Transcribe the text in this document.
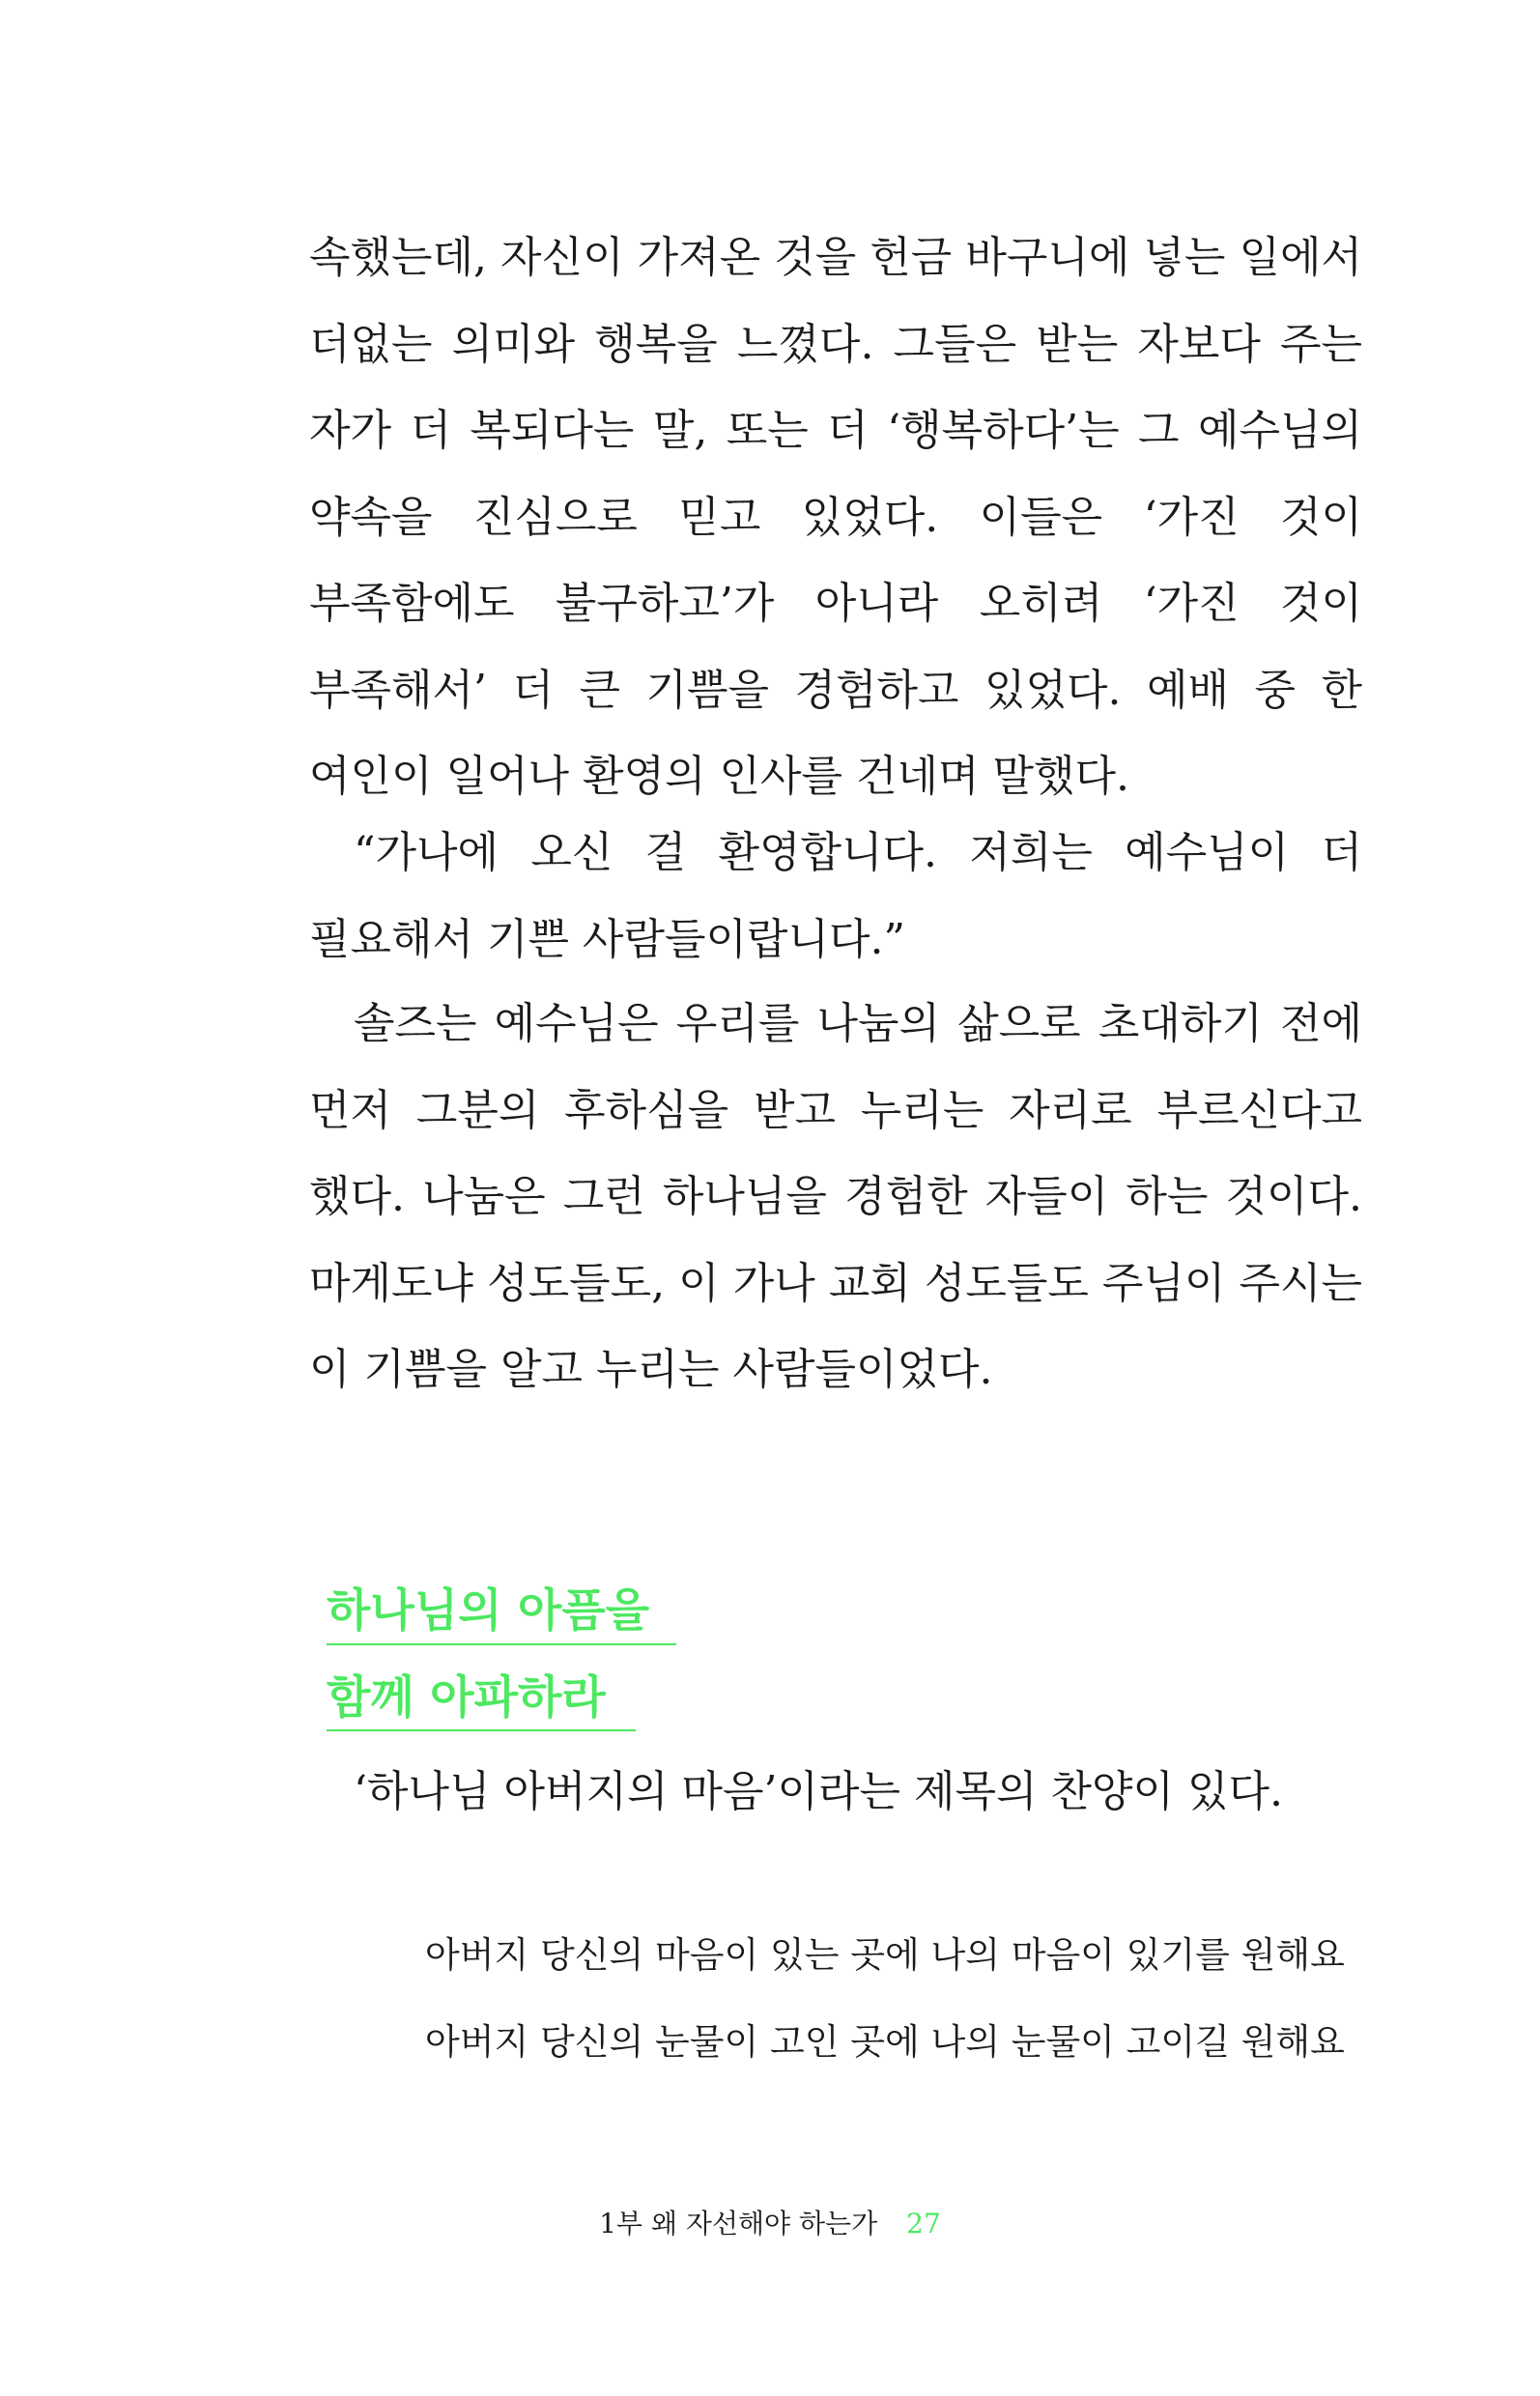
속했는데, 자신이 가져온 것을 헌금 바구니에 넣는 일에서 더없는 의미와 행복을 느꼈다. 그들은 받는 자보다 주는 자가 더 복되다는 말, 또는 더 ‘행복하다’는 그 예수님의 약속을 진심으로 믿고 있었다. 이들은 ‘가진 것이 부족함에도 불구하고’가 아니라 오히려 ‘가진 것이 부족해서’ 더 큰 기쁨을 경험하고 있었다. 예배 중 한 여인이 일어나 환영의 인사를 건네며 말했다.

“가나에 오신 걸 환영합니다. 저희는 예수님이 더 필요해서 기쁜 사람들이랍니다.”

솔즈는 예수님은 우리를 나눔의 삶으로 초대하기 전에 먼저 그분의 후하심을 받고 누리는 자리로 부르신다고 했다. 나눔은 그런 하나님을 경험한 자들이 하는 것이다. 마게도냐 성도들도, 이 가나 교회 성도들도 주님이 주시는 이 기쁨을 알고 누리는 사람들이었다.

하나님의 아픔을
함께 아파하라

‘하나님 아버지의 마음’이라는 제목의 찬양이 있다.

아버지 당신의 마음이 있는 곳에 나의 마음이 있기를 원해요

아버지 당신의 눈물이 고인 곳에 나의 눈물이 고이길 원해요

1부 왜 자선해야 하는가 27
